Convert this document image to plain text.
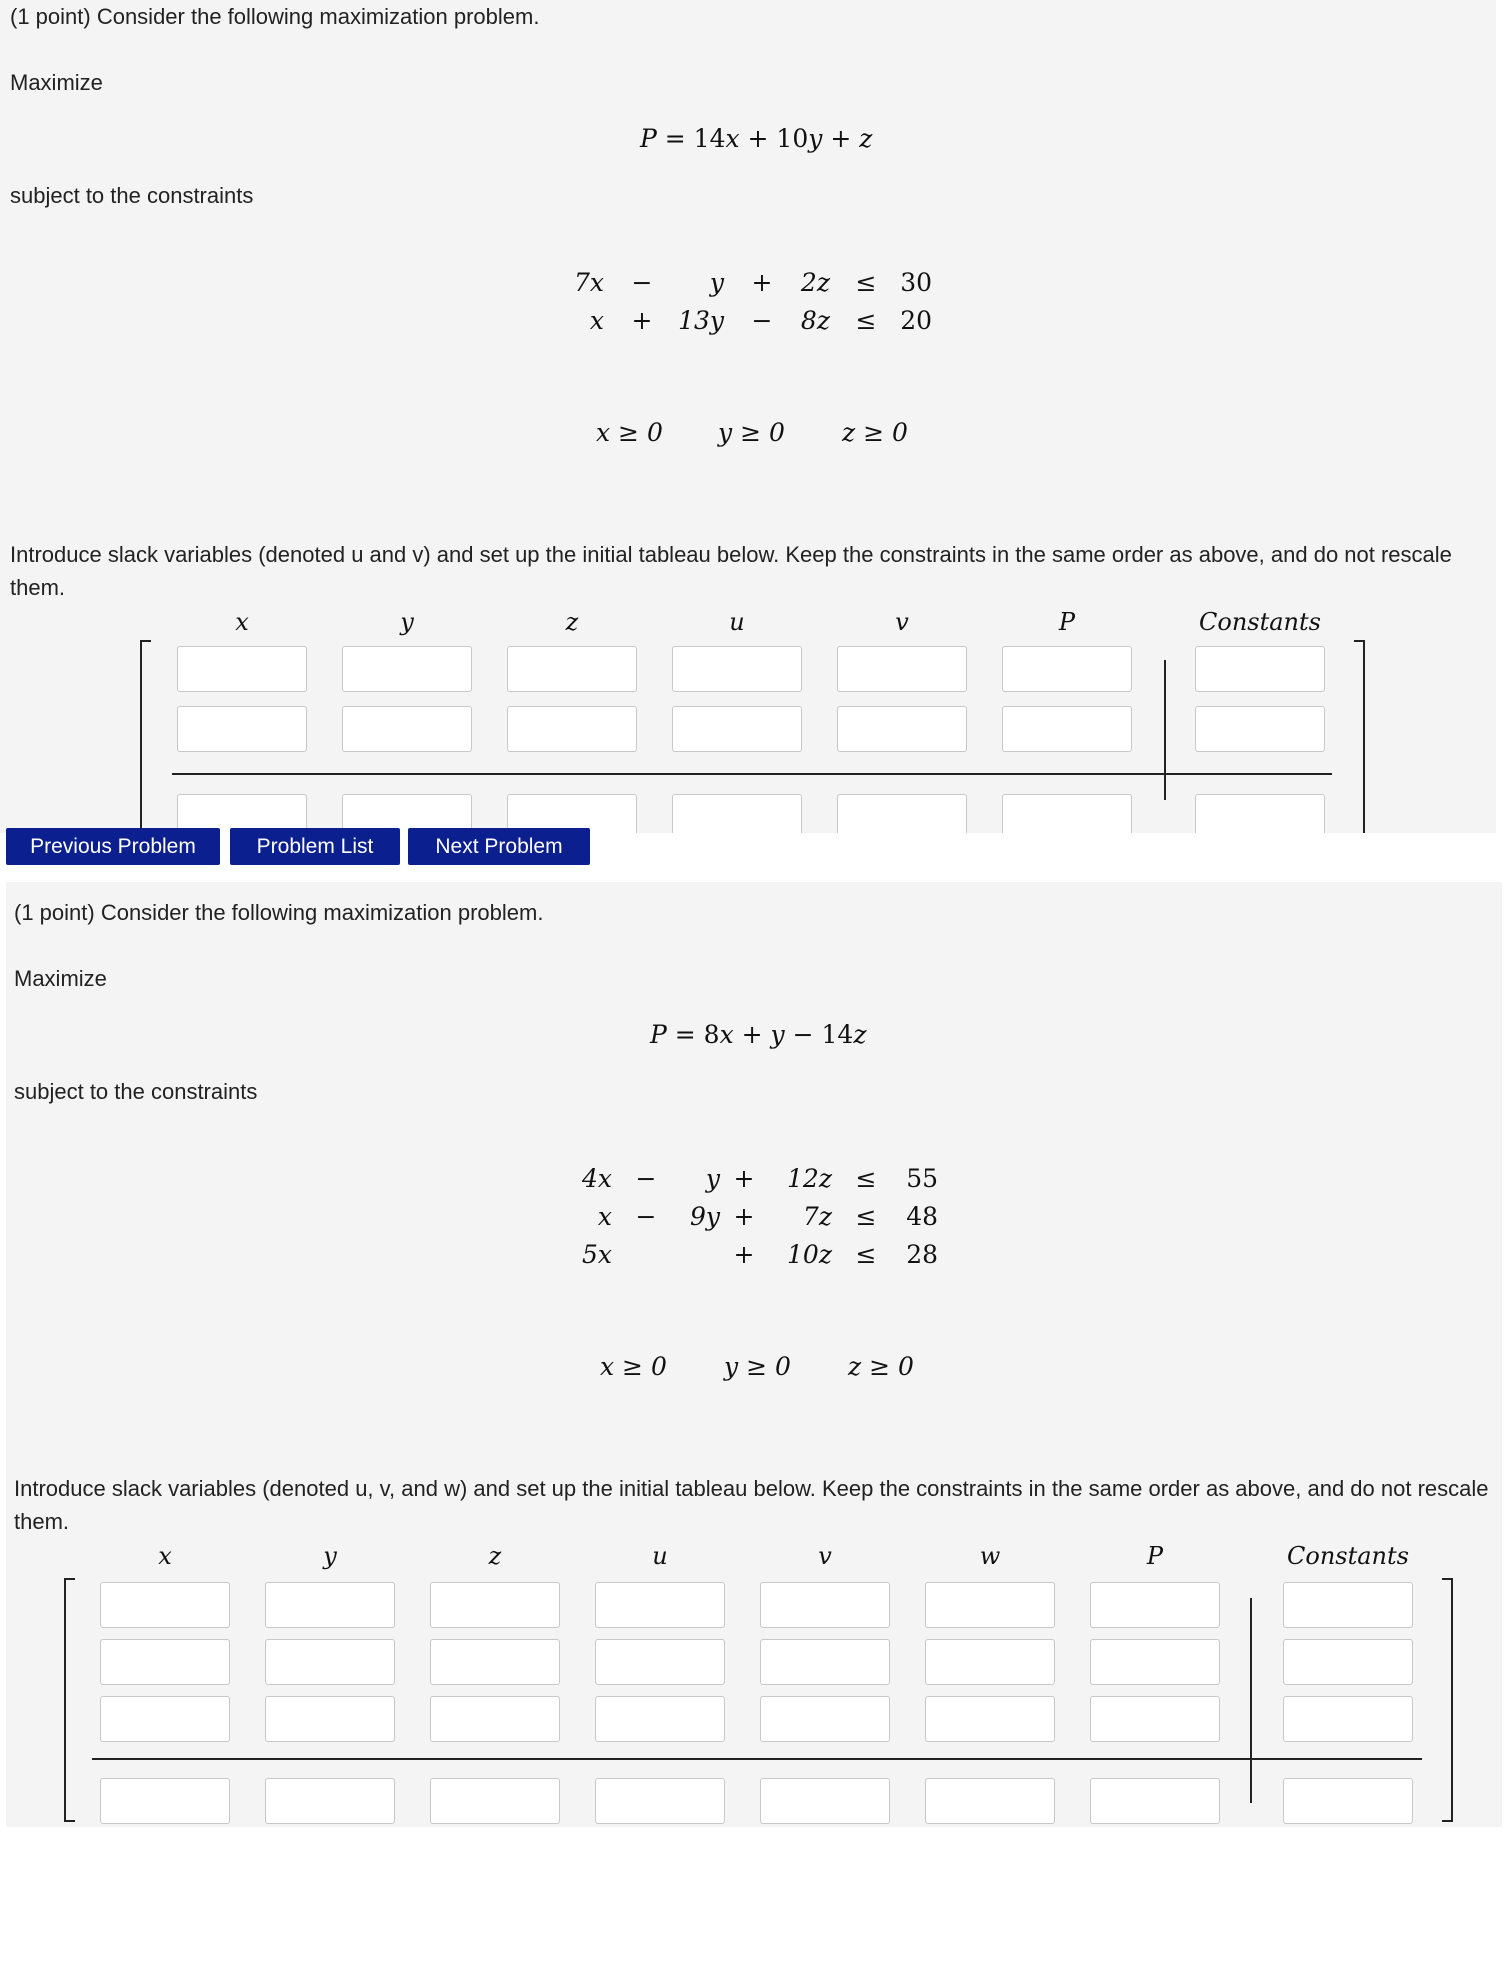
(1 point) Consider the following maximization problem.
Maximize
P = 14x + 10y + z
subject to the constraints
7x	−	y	+	2z	≤ 30
x	+	13y	−	8z	≤ 20
x ≥ 0 y ≥ 0 z ≥ 0
Introduce slack variables (denoted u and v) and set up the initial tableau below. Keep the constraints in the same order as above, and do not rescale them.
x	y	z	u	v	P	Constants
Previous Problem	Problem List	Next Problem
(1 point) Consider the following maximization problem.
Maximize
P = 8x + y − 14z
subject to the constraints
4x −	y +	12z ≤	55
x −	9y +	7z ≤	48
5x	+	10z ≤	28
x ≥ 0 y ≥ 0 z ≥ 0
Introduce slack variables (denoted u, v, and w) and set up the initial tableau below. Keep the constraints in the same order as above, and do not rescale them.
x	y	z	u	v	w	P	Constants
